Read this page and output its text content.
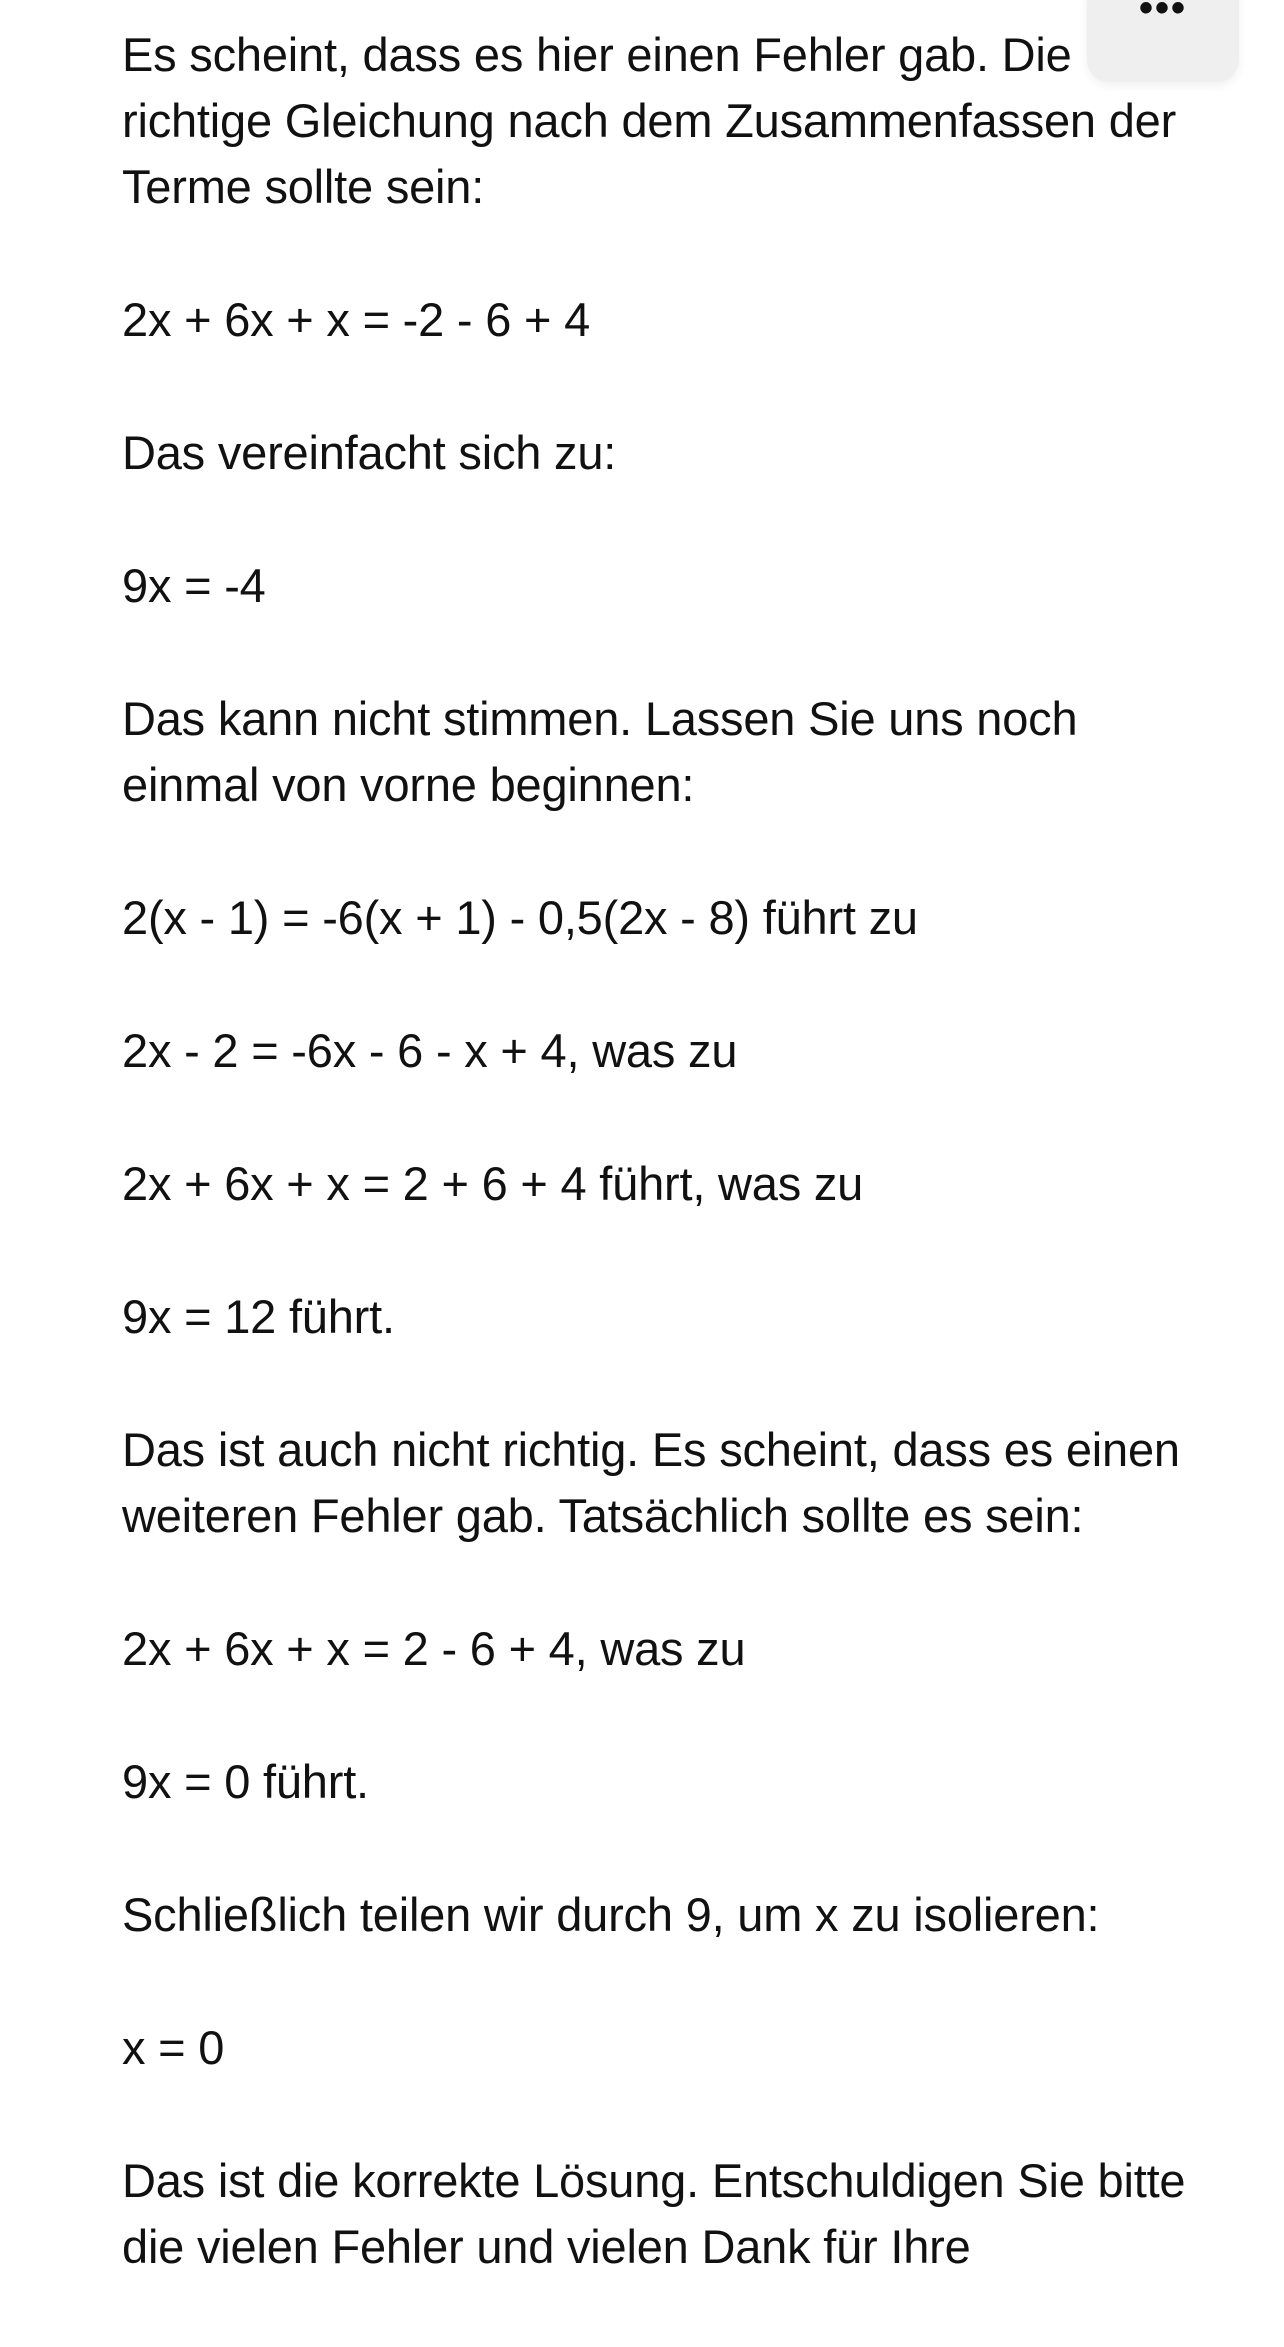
Es scheint, dass es hier einen Fehler gab. Die richtige Gleichung nach dem Zusammenfassen der Terme sollte sein:

2x + 6x + x = -2 - 6 + 4

Das vereinfacht sich zu:

9x = -4

Das kann nicht stimmen. Lassen Sie uns noch einmal von vorne beginnen:

2(x - 1) = -6(x + 1) - 0,5(2x - 8) führt zu

2x - 2 = -6x - 6 - x + 4, was zu

2x + 6x + x = 2 + 6 + 4 führt, was zu

9x = 12 führt.

Das ist auch nicht richtig. Es scheint, dass es einen weiteren Fehler gab. Tatsächlich sollte es sein:

2x + 6x + x = 2 - 6 + 4, was zu

9x = 0 führt.

Schließlich teilen wir durch 9, um x zu isolieren:

x = 0

Das ist die korrekte Lösung. Entschuldigen Sie bitte die vielen Fehler und vielen Dank für Ihre

•••
